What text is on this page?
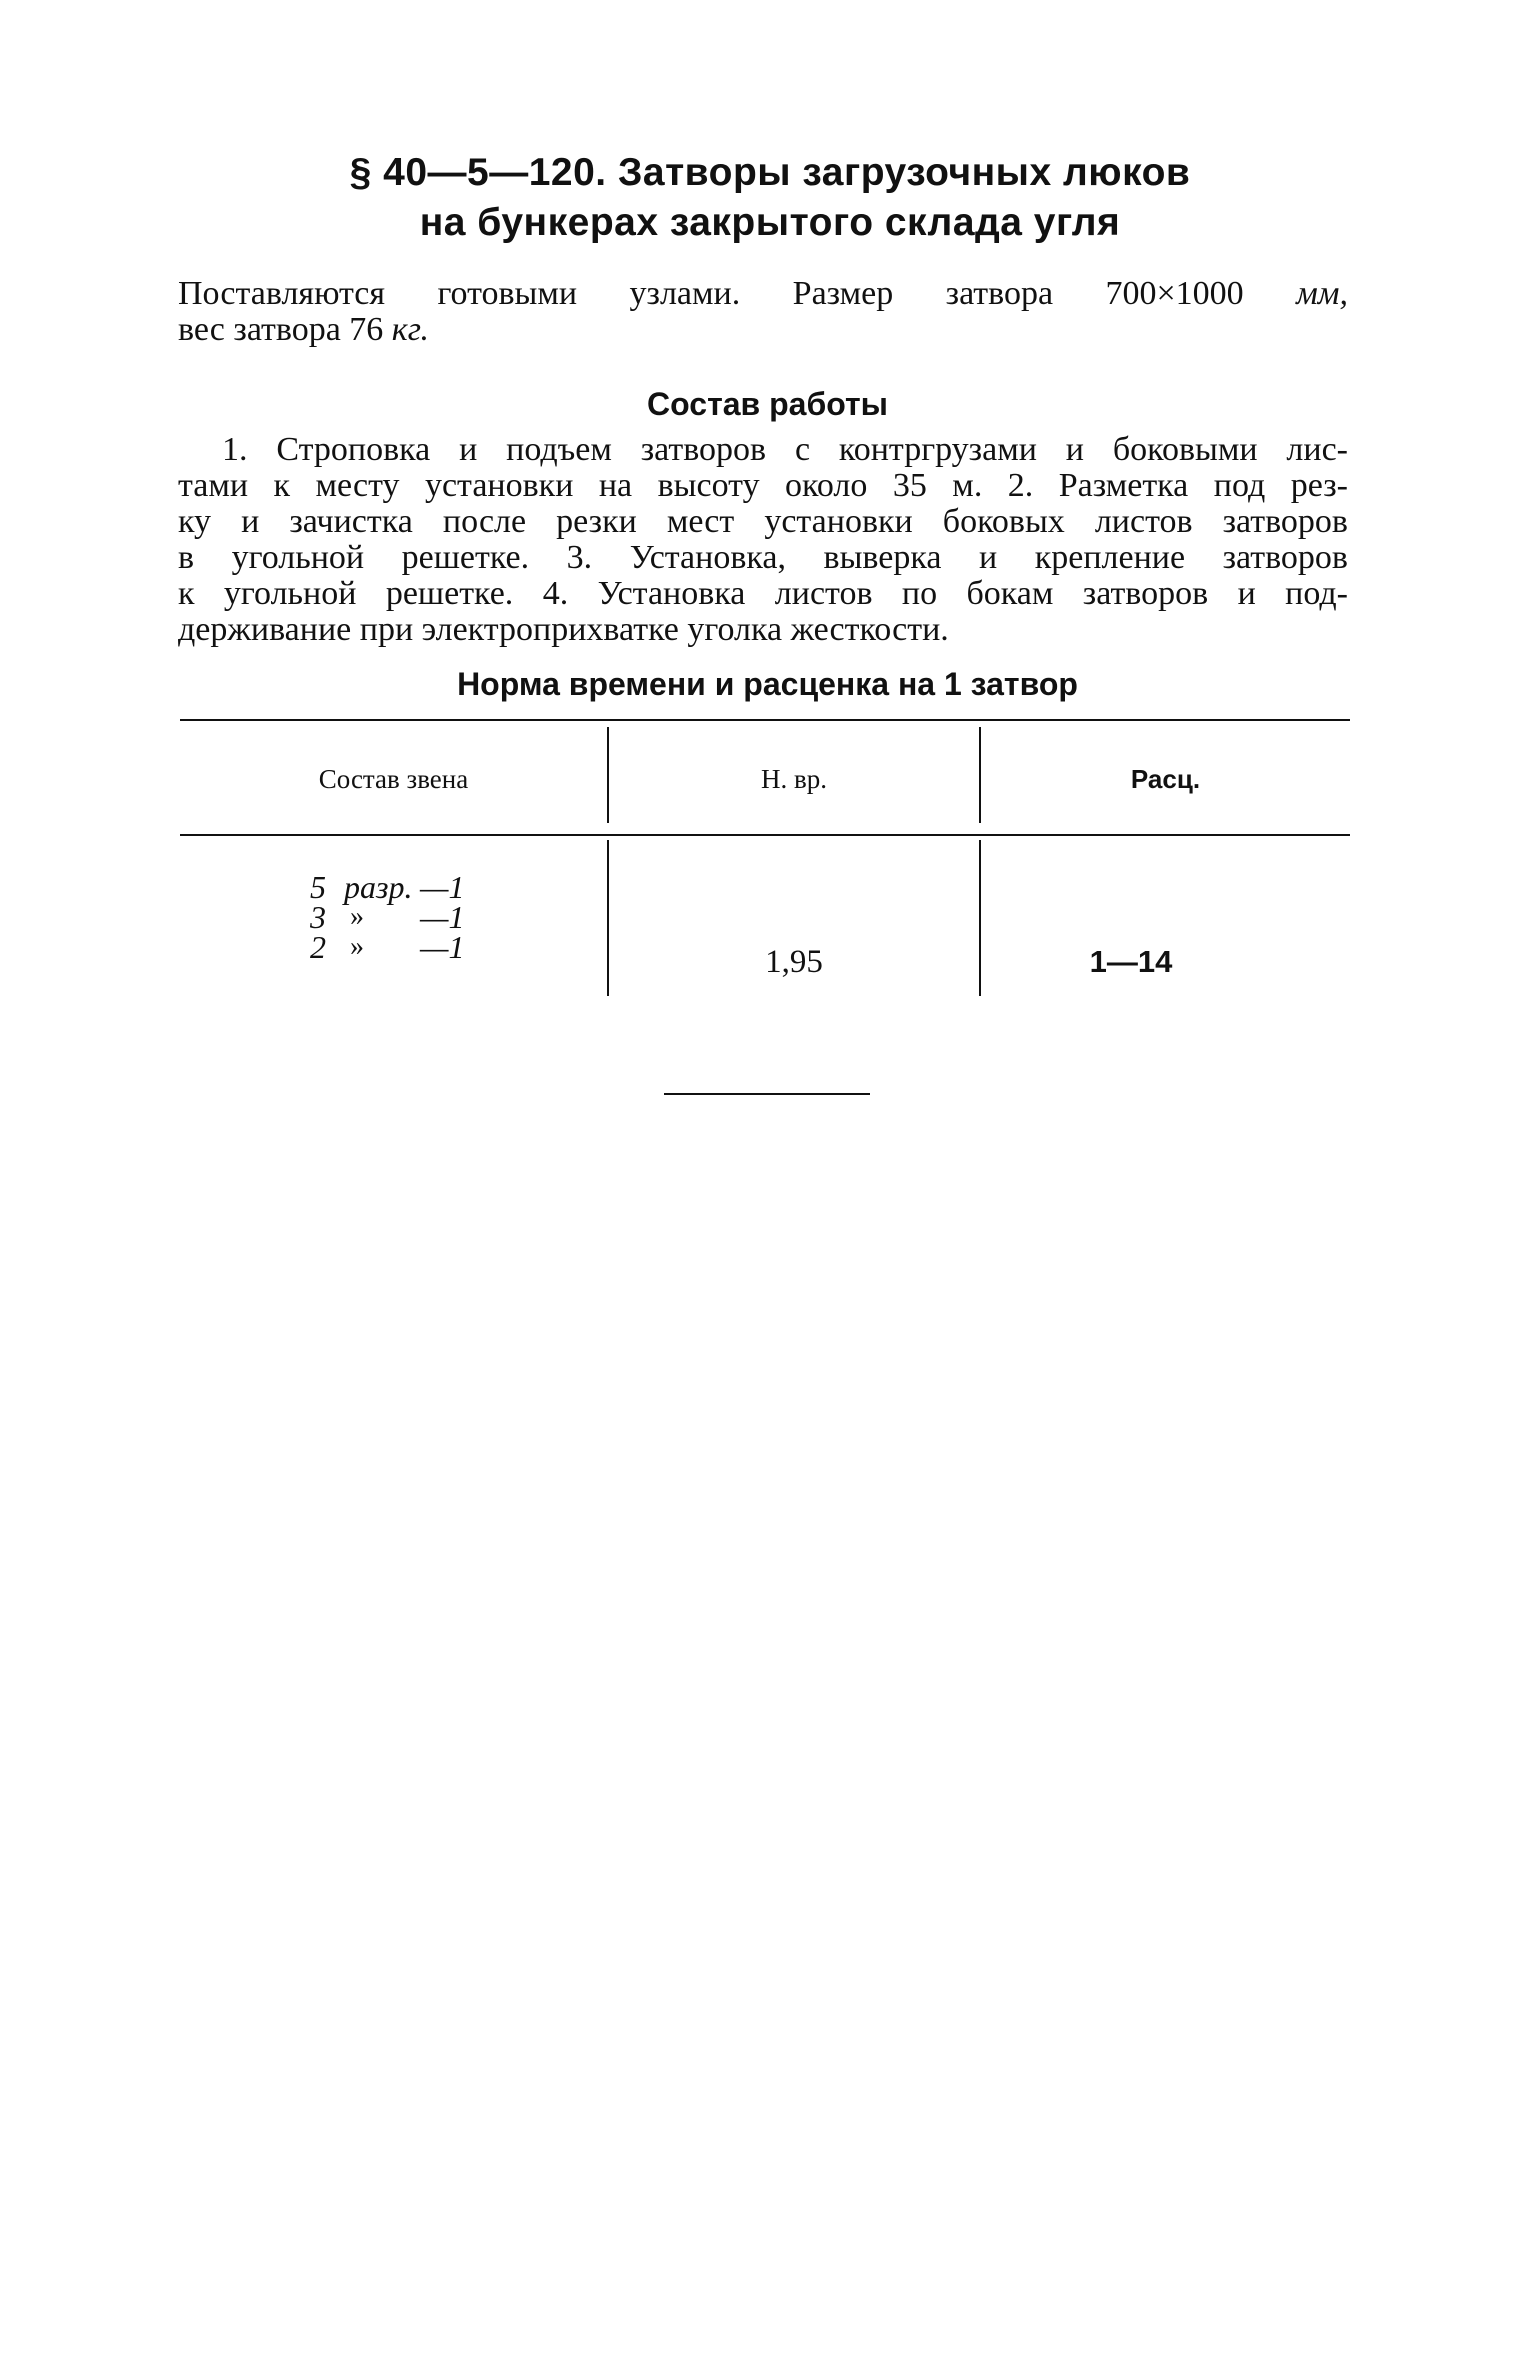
§ 40—5—120. Затворы загрузочных люков
на бункерах закрытого склада угля
Поставляются готовыми узлами. Размер затвора 700×1000 мм,
вес затвора 76 кг.
Состав работы
1. Строповка и подъем затворов с контргрузами и боковыми лис-
тами к месту установки на высоту около 35 м. 2. Разметка под рез-
ку и зачистка после резки мест установки боковых листов затворов
в угольной решетке. 3. Установка, выверка и крепление затворов
к угольной решетке. 4. Установка листов по бокам затворов и под-
держивание при электроприхватке уголка жесткости.
Норма времени и расценка на 1 затвор
Состав звена	Н. вр.	Расц.
5 разр. —1
3 » —1
2 » —1	1,95	1—14
